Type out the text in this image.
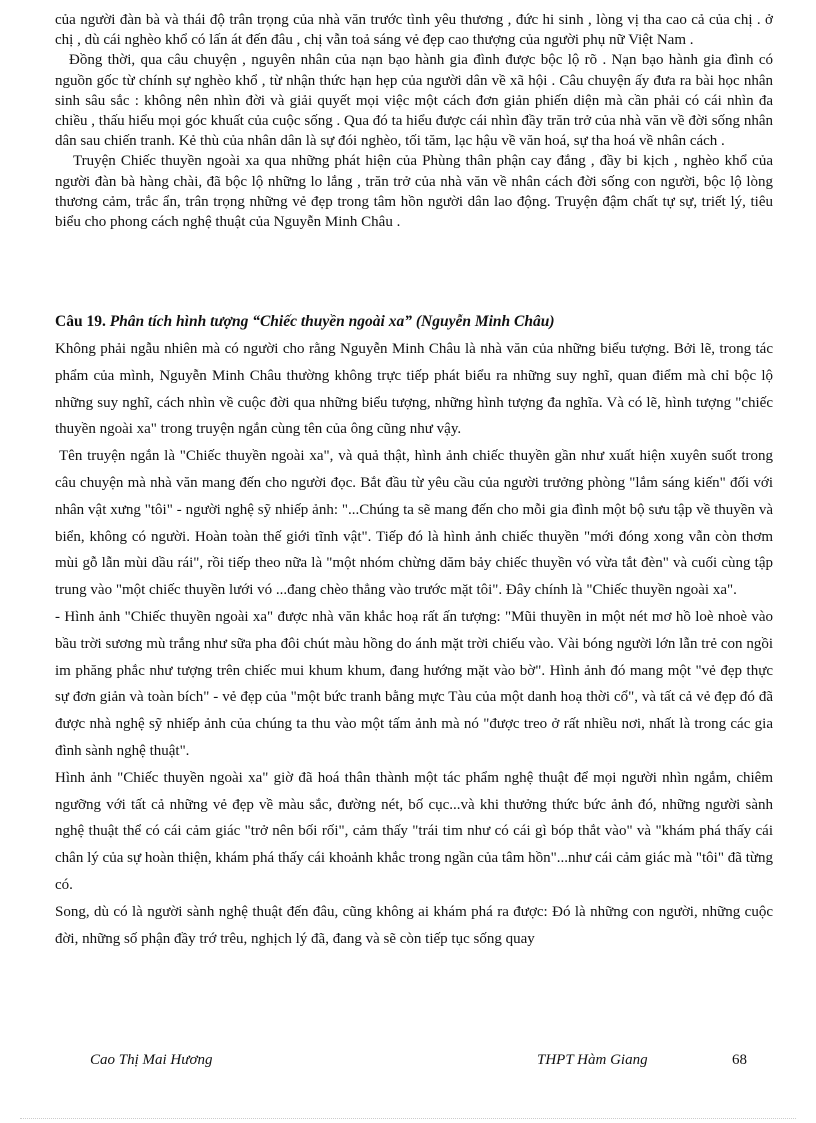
của người đàn bà và thái độ trân trọng của nhà văn trước tình yêu thương , đức hi sinh , lòng vị tha cao cả của chị . ở chị , dù cái nghèo khổ có lấn át đến đâu , chị vẫn toả sáng vẻ đẹp cao thượng của người phụ nữ Việt Nam .

Đồng thời, qua câu chuyện , nguyên nhân của nạn bạo hành gia đình được bộc lộ rõ . Nạn bạo hành gia đình có nguồn gốc từ chính sự nghèo khổ , từ nhận thức hạn hẹp của người dân về xã hội . Câu chuyện ấy đưa ra bài học nhân sinh sâu sắc : không nên nhìn đời và giải quyết mọi việc một cách đơn giản phiến diện mà cần phải có cái nhìn đa chiều , thấu hiểu mọi góc khuất của cuộc sống . Qua đó ta hiểu được cái nhìn đầy trăn trở của nhà văn về đời sống nhân dân sau chiến tranh. Kẻ thù của nhân dân là sự đói nghèo, tối tăm, lạc hậu về văn hoá, sự tha hoá về nhân cách .

Truyện Chiếc thuyền ngoài xa qua những phát hiện của Phùng thân phận cay đắng , đầy bi kịch , nghèo khổ của người đàn bà hàng chài, đã bộc lộ những lo lắng , trăn trở của nhà văn về nhân cách đời sống con người, bộc lộ lòng thương cảm, trắc ẩn, trân trọng những vẻ đẹp trong tâm hồn người dân lao động. Truyện đậm chất tự sự, triết lý, tiêu biểu cho phong cách nghệ thuật của Nguyễn Minh Châu .

Câu 19. Phân tích hình tượng “Chiếc thuyền ngoài xa” (Nguyễn Minh Châu)

Không phải ngẫu nhiên mà có người cho rằng Nguyễn Minh Châu là nhà văn của những biểu tượng. Bởi lẽ, trong tác phẩm của mình, Nguyễn Minh Châu thường không trực tiếp phát biểu ra những suy nghĩ, quan điểm mà chỉ bộc lộ những suy nghĩ, cách nhìn về cuộc đời qua những biểu tượng, những hình tượng đa nghĩa. Và có lẽ, hình tượng "chiếc thuyền ngoài xa" trong truyện ngắn cùng tên của ông cũng như vậy.

Tên truyện ngắn là "Chiếc thuyền ngoài xa", và quả thật, hình ảnh chiếc thuyền gần như xuất hiện xuyên suốt trong câu chuyện mà nhà văn mang đến cho người đọc. Bắt đầu từ yêu cầu của người trưởng phòng "lắm sáng kiến" đối với nhân vật xưng "tôi" - người nghệ sỹ nhiếp ảnh: "...Chúng ta sẽ mang đến cho mỗi gia đình một bộ sưu tập về thuyền và biển, không có người. Hoàn toàn thế giới tĩnh vật". Tiếp đó là hình ảnh chiếc thuyền "mới đóng xong vẫn còn thơm mùi gỗ lẫn mùi dầu rái", rồi tiếp theo nữa là "một nhóm chừng dăm bảy chiếc thuyền vó vừa tắt đèn" và cuối cùng tập trung vào "một chiếc thuyền lưới vó ...đang chèo thẳng vào trước mặt tôi". Đây chính là "Chiếc thuyền ngoài xa".

- Hình ảnh "Chiếc thuyền ngoài xa" được nhà văn khắc hoạ rất ấn tượng: "Mũi thuyền in một nét mơ hồ loè nhoè vào bầu trời sương mù trắng như sữa pha đôi chút màu hồng do ánh mặt trời chiếu vào. Vài bóng người lớn lẫn trẻ con ngồi im phăng phắc như tượng trên chiếc mui khum khum, đang hướng mặt vào bờ". Hình ảnh đó mang một "vẻ đẹp thực sự đơn giản và toàn bích" - vẻ đẹp của "một bức tranh bằng mực Tàu của một danh hoạ thời cổ", và tất cả vẻ đẹp đó đã được nhà nghệ sỹ nhiếp ảnh của chúng ta thu vào một tấm ảnh mà nó "được treo ở rất nhiều nơi, nhất là trong các gia đình sành nghệ thuật".

Hình ảnh "Chiếc thuyền ngoài xa" giờ đã hoá thân thành một tác phẩm nghệ thuật để mọi người nhìn ngắm, chiêm ngưỡng với tất cả những vẻ đẹp về màu sắc, đường nét, bố cục...và khi thưởng thức bức ảnh đó, những người sành nghệ thuật thể có cái cảm giác "trở nên bối rối", cảm thấy "trái tim như có cái gì bóp thắt vào" và "khám phá thấy cái chân lý của sự hoàn thiện, khám phá thấy cái khoảnh khắc trong ngần của tâm hồn"...như cái cảm giác mà "tôi" đã từng có.

Song, dù có là người sành nghệ thuật đến đâu, cũng không ai khám phá ra được: Đó là những con người, những cuộc đời, những số phận đầy trớ trêu, nghịch lý đã, đang và sẽ còn tiếp tục sống quay

Cao Thị Mai Hương	THPT Hàm Giang	68
